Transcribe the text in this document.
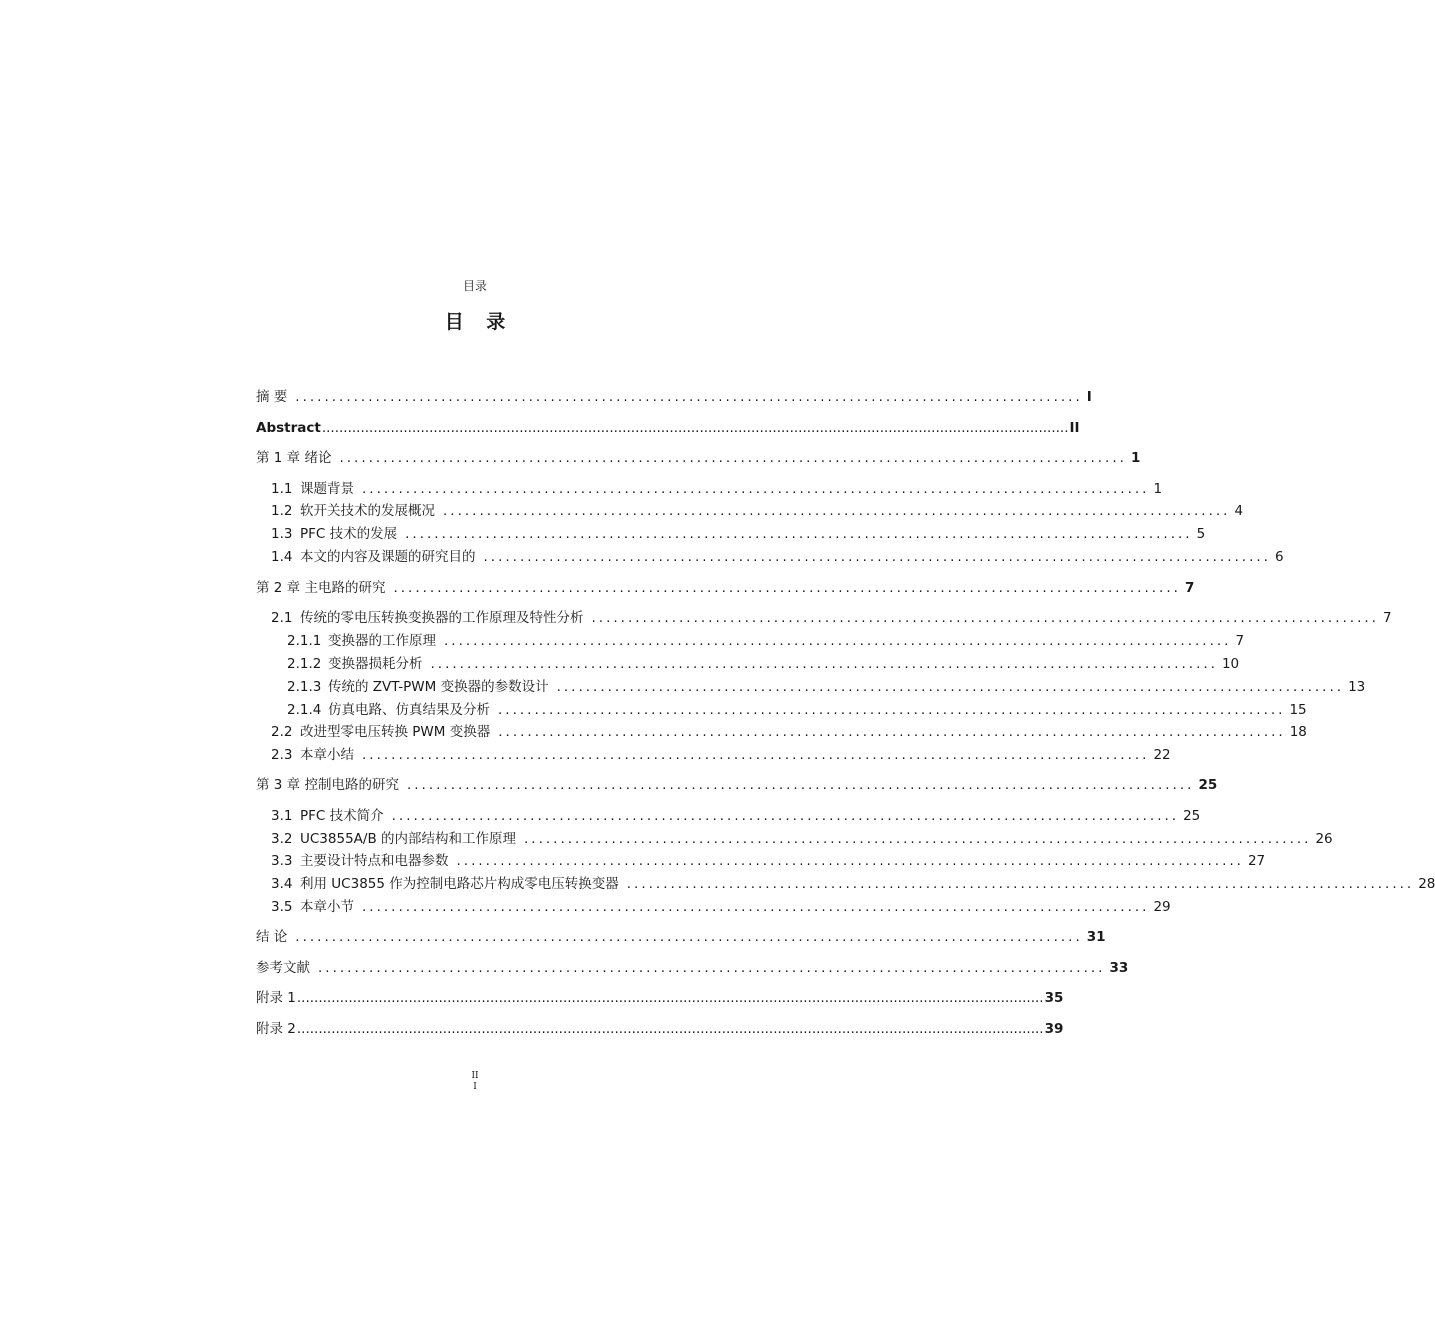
目录
目 录
摘 要 ............................................................................................................ I
Abstract .............................................................................................................................................................................. II
第 1 章 绪论 ............................................................................................................ 1
1.1 课题背景 ............................................................................................................ 1
1.2 软开关技术的发展概况 ............................................................................................................ 4
1.3 PFC 技术的发展 ............................................................................................................ 5
1.4 本文的内容及课题的研究目的 ............................................................................................................ 6
第 2 章 主电路的研究 ............................................................................................................ 7
2.1 传统的零电压转换变换器的工作原理及特性分析 ............................................................................................................ 7
2.1.1 变换器的工作原理 ............................................................................................................ 7
2.1.2 变换器损耗分析 ............................................................................................................ 10
2.1.3 传统的 ZVT-PWM 变换器的参数设计 ............................................................................................................ 13
2.1.4 仿真电路、仿真结果及分析 ............................................................................................................ 15
2.2 改进型零电压转换 PWM 变换器 ............................................................................................................ 18
2.3 本章小结 ............................................................................................................ 22
第 3 章 控制电路的研究 ............................................................................................................ 25
3.1 PFC 技术简介 ............................................................................................................ 25
3.2 UC3855A/B 的内部结构和工作原理 ............................................................................................................ 26
3.3 主要设计特点和电器参数 ............................................................................................................ 27
3.4 利用 UC3855 作为控制电路芯片构成零电压转换变器 ............................................................................................................ 28
3.5 本章小节 ............................................................................................................ 29
结 论 ............................................................................................................ 31
参考文献 ............................................................................................................ 33
附录 1 .............................................................................................................................................................................. 35
附录 2 .............................................................................................................................................................................. 39
II
I
